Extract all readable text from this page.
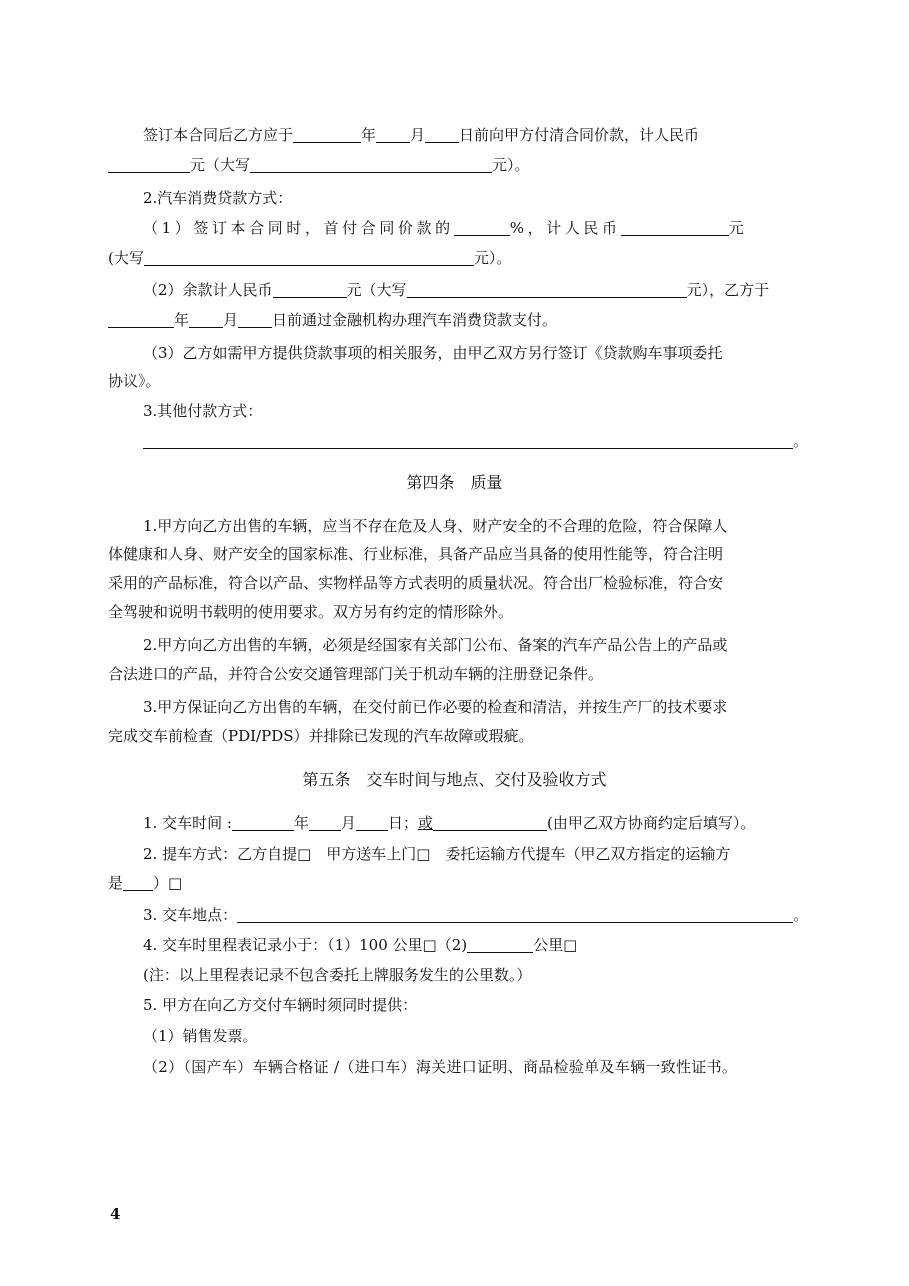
签订本合同后乙方应于	年 月 日前向甲方付清合同价款，计人民币
元（大写	元）。
2.汽车消费贷款方式：
（1）签订本合同时，首付合同价款的	%，计人民币	元
(大写	元）。
（2）余款计人民币	元（大写	元），乙方于
年 月 日前通过金融机构办理汽车消费贷款支付。
（3）乙方如需甲方提供贷款事项的相关服务，由甲乙双方另行签订《贷款购车事项委托
协议》。
3.其他付款方式：
。
第四条　质量
1.甲方向乙方出售的车辆，应当不存在危及人身、财产安全的不合理的危险，符合保障人
体健康和人身、财产安全的国家标准、行业标准，具备产品应当具备的使用性能等，符合注明
采用的产品标准，符合以产品、实物样品等方式表明的质量状况。符合出厂检验标准，符合安
全驾驶和说明书载明的使用要求。双方另有约定的情形除外。
2.甲方向乙方出售的车辆，必须是经国家有关部门公布、备案的汽车产品公告上的产品或
合法进口的产品，并符合公安交通管理部门关于机动车辆的注册登记条件。
3.甲方保证向乙方出售的车辆，在交付前已作必要的检查和清洁，并按生产厂的技术要求
完成交车前检查（PDI/PDS）并排除已发现的汽车故障或瑕疵。
第五条　交车时间与地点、交付及验收方式
1. 交车时间 :	年 月 日；或	(由甲乙双方协商约定后填写）。
2. 提车方式：乙方自提□　甲方送车上门□　委托运输方代提车（甲乙双方指定的运输方
是 ）□
3. 交车地点：	。
4. 交车时里程表记录小于：（1）100 公里□（2)	公里□
(注：以上里程表记录不包含委托上牌服务发生的公里数。）
5. 甲方在向乙方交付车辆时须同时提供：
（1）销售发票。
（2）（国产车）车辆合格证 /（进口车）海关进口证明、商品检验单及车辆一致性证书。
4
